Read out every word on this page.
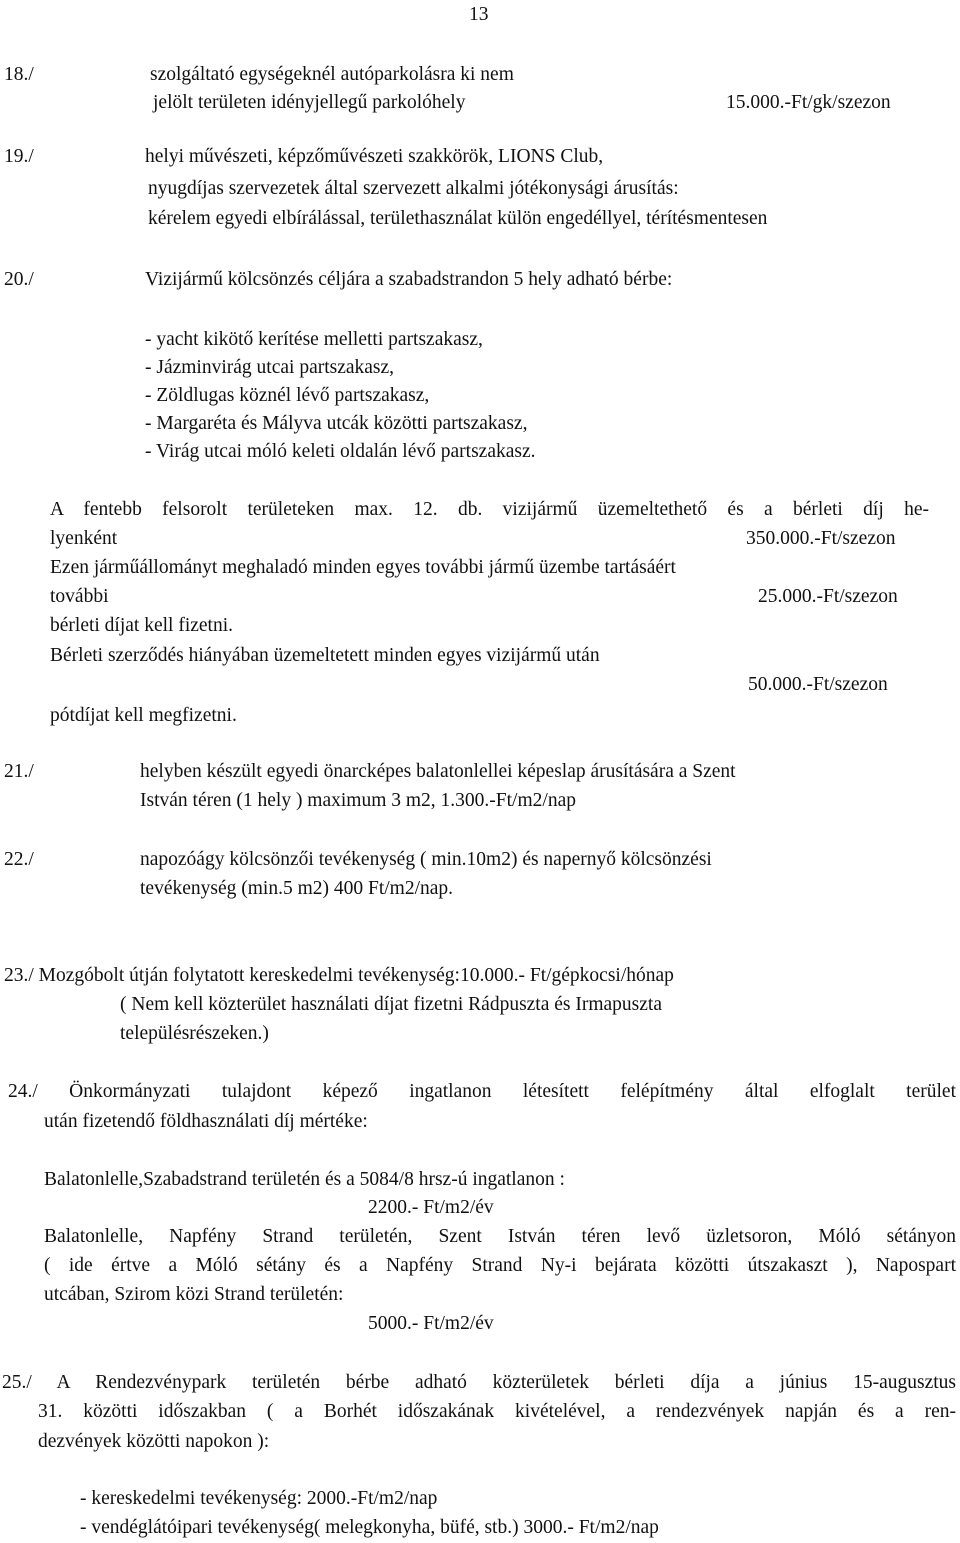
13
18./	szolgáltató egységeknél autóparkolásra ki nem
jelölt területen idényjellegű parkolóhely	15.000.-Ft/gk/szezon
19./	helyi művészeti, képzőművészeti szakkörök, LIONS Club,
nyugdíjas szervezetek által szervezett alkalmi jótékonysági árusítás:
kérelem egyedi elbírálással, területhasználat külön engedéllyel, térítésmentesen
20./	Vizijármű kölcsönzés céljára a szabadstrandon 5 hely adható bérbe:
- yacht kikötő kerítése melletti partszakasz,
- Jázminvirág utcai partszakasz,
- Zöldlugas köznél lévő partszakasz,
- Margaréta és Mályva utcák közötti partszakasz,
- Virág utcai móló keleti oldalán lévő partszakasz.
A fentebb felsorolt területeken max. 12. db. vizijármű üzemeltethető és a bérleti díj he-
lyenként	350.000.-Ft/szezon
Ezen járműállományt meghaladó minden egyes további jármű üzembe tartásáért
további	25.000.-Ft/szezon
bérleti díjat kell fizetni.
Bérleti szerződés hiányában üzemeltetett minden egyes vizijármű után
50.000.-Ft/szezon
pótdíjat kell megfizetni.
21./	helyben készült egyedi önarcképes balatonlellei képeslap árusítására a Szent
István téren (1 hely ) maximum 3 m2, 1.300.-Ft/m2/nap
22./	napozóágy kölcsönzői tevékenység ( min.10m2) és napernyő kölcsönzési
tevékenység (min.5 m2) 400 Ft/m2/nap.
23./ Mozgóbolt útján folytatott kereskedelmi tevékenység:10.000.- Ft/gépkocsi/hónap
( Nem kell közterület használati díjat fizetni Rádpuszta és Irmapuszta
településrészeken.)
24./ Önkormányzati tulajdont képező ingatlanon létesített felépítmény által elfoglalt terület
után fizetendő földhasználati díj mértéke:
Balatonlelle,Szabadstrand területén és a 5084/8 hrsz-ú ingatlanon :
2200.- Ft/m2/év
Balatonlelle, Napfény Strand területén, Szent István téren levő üzletsoron, Móló sétányon
( ide értve a Móló sétány és a Napfény Strand Ny-i bejárata közötti útszakaszt ), Napospart
utcában, Szirom közi Strand területén:
5000.- Ft/m2/év
25./ A Rendezvénypark területén bérbe adható közterületek bérleti díja a június 15-augusztus
31. közötti időszakban ( a Borhét időszakának kivételével, a rendezvények napján és a ren-
dezvények közötti napokon ):
- kereskedelmi tevékenység: 2000.-Ft/m2/nap
- vendéglátóipari tevékenység( melegkonyha, büfé, stb.) 3000.- Ft/m2/nap
